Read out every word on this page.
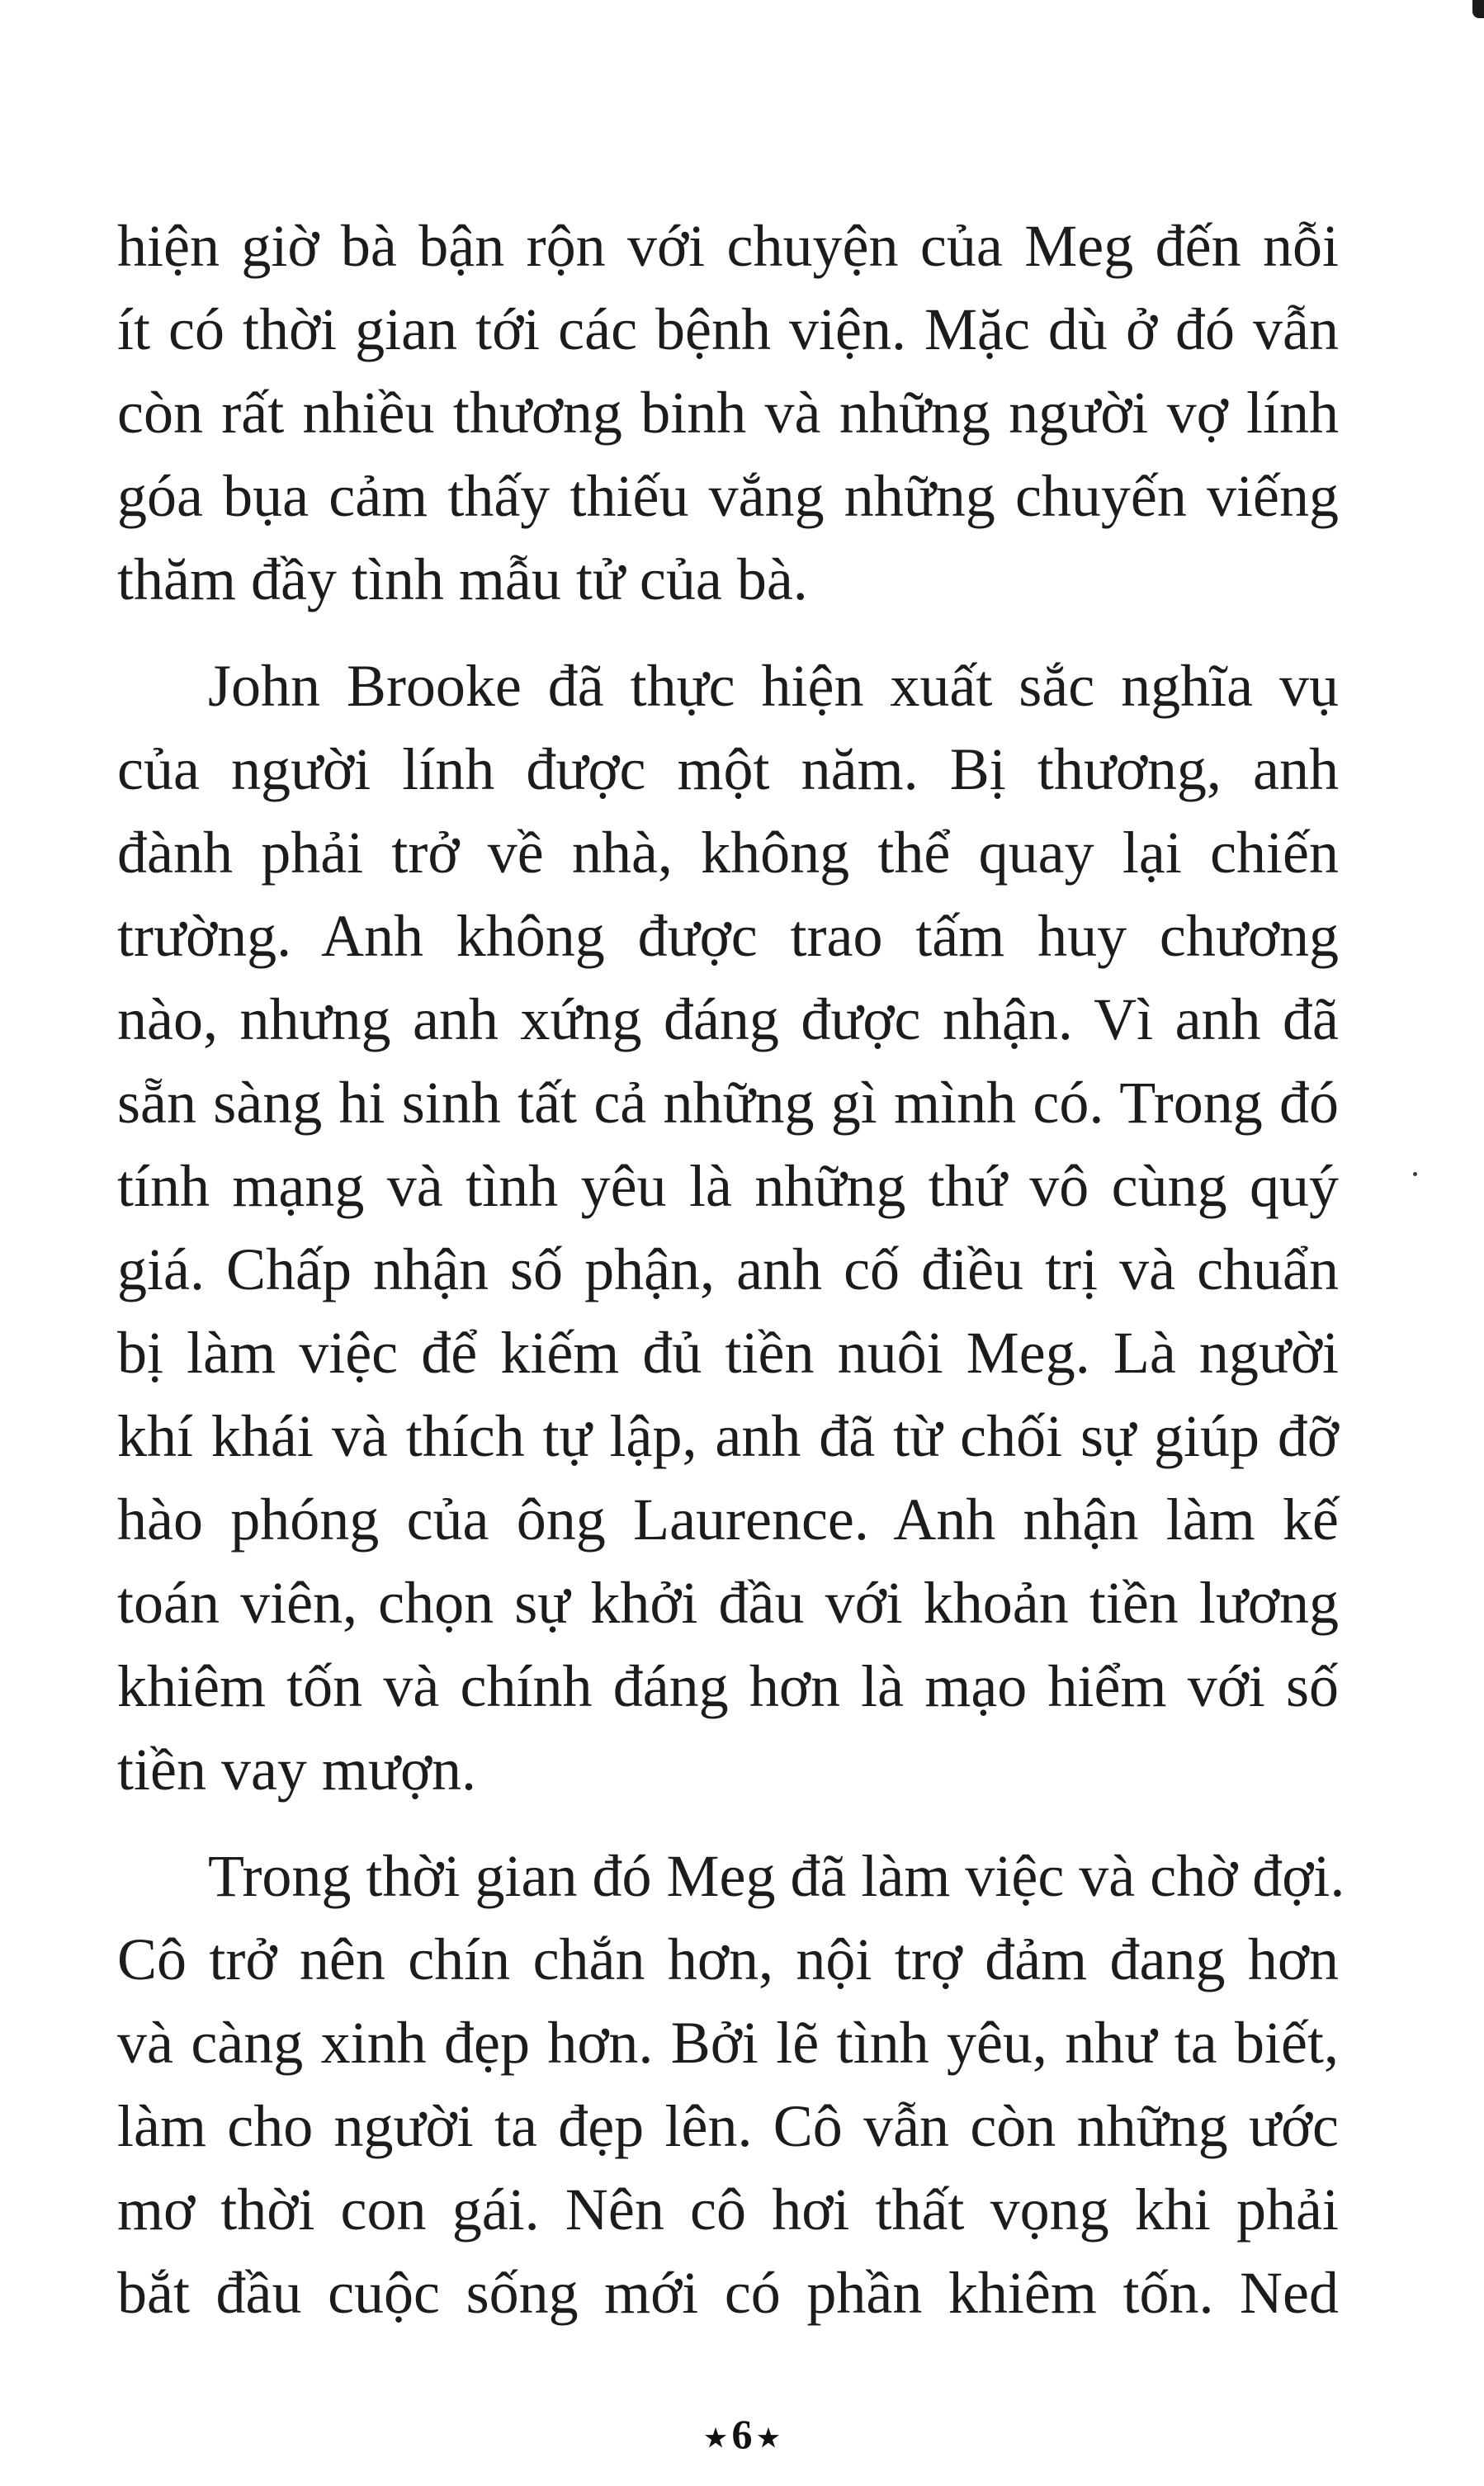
hiện giờ bà bận rộn với chuyện của Meg đến nỗi
ít có thời gian tới các bệnh viện. Mặc dù ở đó vẫn
còn rất nhiều thương binh và những người vợ lính
góa bụa cảm thấy thiếu vắng những chuyến viếng
thăm đầy tình mẫu tử của bà.

John Brooke đã thực hiện xuất sắc nghĩa vụ
của người lính được một năm. Bị thương, anh
đành phải trở về nhà, không thể quay lại chiến
trường. Anh không được trao tấm huy chương
nào, nhưng anh xứng đáng được nhận. Vì anh đã
sẵn sàng hi sinh tất cả những gì mình có. Trong đó
tính mạng và tình yêu là những thứ vô cùng quý
giá. Chấp nhận số phận, anh cố điều trị và chuẩn
bị làm việc để kiếm đủ tiền nuôi Meg. Là người
khí khái và thích tự lập, anh đã từ chối sự giúp đỡ
hào phóng của ông Laurence. Anh nhận làm kế
toán viên, chọn sự khởi đầu với khoản tiền lương
khiêm tốn và chính đáng hơn là mạo hiểm với số
tiền vay mượn.

Trong thời gian đó Meg đã làm việc và chờ đợi.
Cô trở nên chín chắn hơn, nội trợ đảm đang hơn
và càng xinh đẹp hơn. Bởi lẽ tình yêu, như ta biết,
làm cho người ta đẹp lên. Cô vẫn còn những ước
mơ thời con gái. Nên cô hơi thất vọng khi phải
bắt đầu cuộc sống mới có phần khiêm tốn. Ned

★ 6 ★
